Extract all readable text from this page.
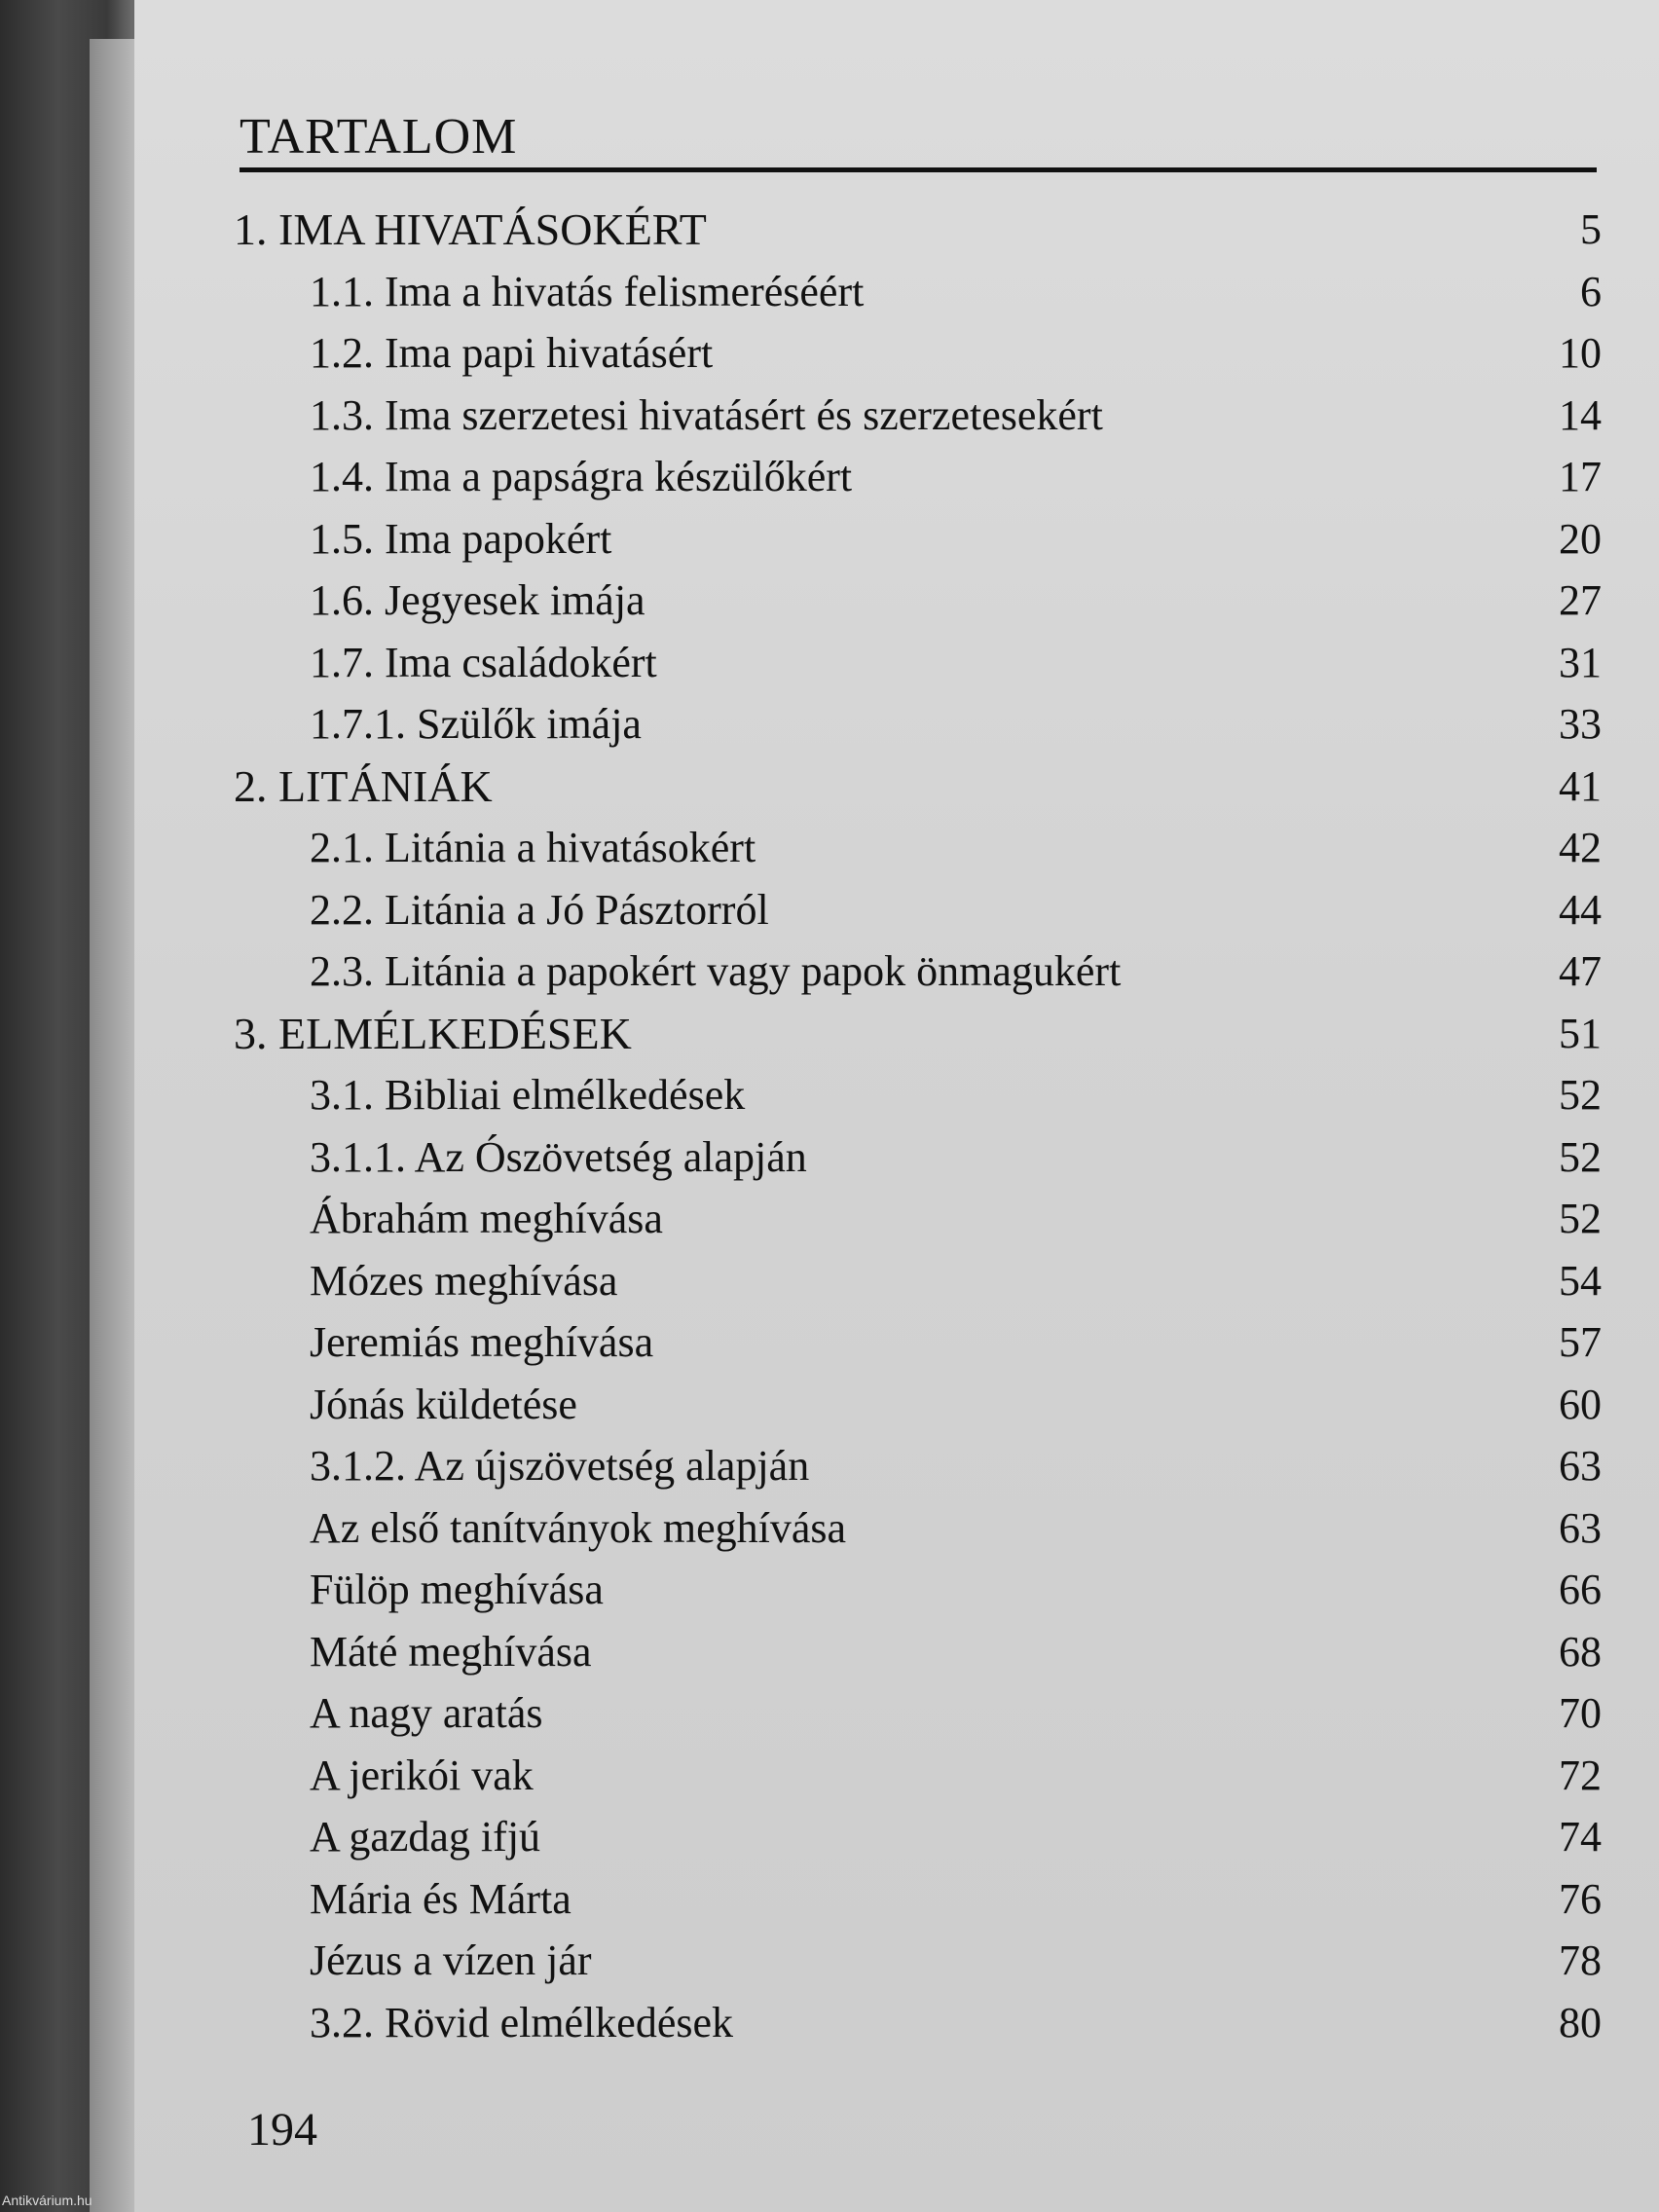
TARTALOM
1. IMA HIVATÁSOKÉRT	5
1.1. Ima a hivatás felismeréséért	6
1.2. Ima papi hivatásért	10
1.3. Ima szerzetesi hivatásért és szerzetesekért	14
1.4. Ima a papságra készülőkért	17
1.5. Ima papokért	20
1.6. Jegyesek imája	27
1.7. Ima családokért	31
1.7.1. Szülők imája	33
2. LITÁNIÁK	41
2.1. Litánia a hivatásokért	42
2.2. Litánia a Jó Pásztorról	44
2.3. Litánia a papokért vagy papok önmagukért	47
3. ELMÉLKEDÉSEK	51
3.1. Bibliai elmélkedések	52
3.1.1. Az Ószövetség alapján	52
Ábrahám meghívása	52
Mózes meghívása	54
Jeremiás meghívása	57
Jónás küldetése	60
3.1.2. Az újszövetség alapján	63
Az első tanítványok meghívása	63
Fülöp meghívása	66
Máté meghívása	68
A nagy aratás	70
A jerikói vak	72
A gazdag ifjú	74
Mária és Márta	76
Jézus a vízen jár	78
3.2. Rövid elmélkedések	80
194
Antikvárium.hu
